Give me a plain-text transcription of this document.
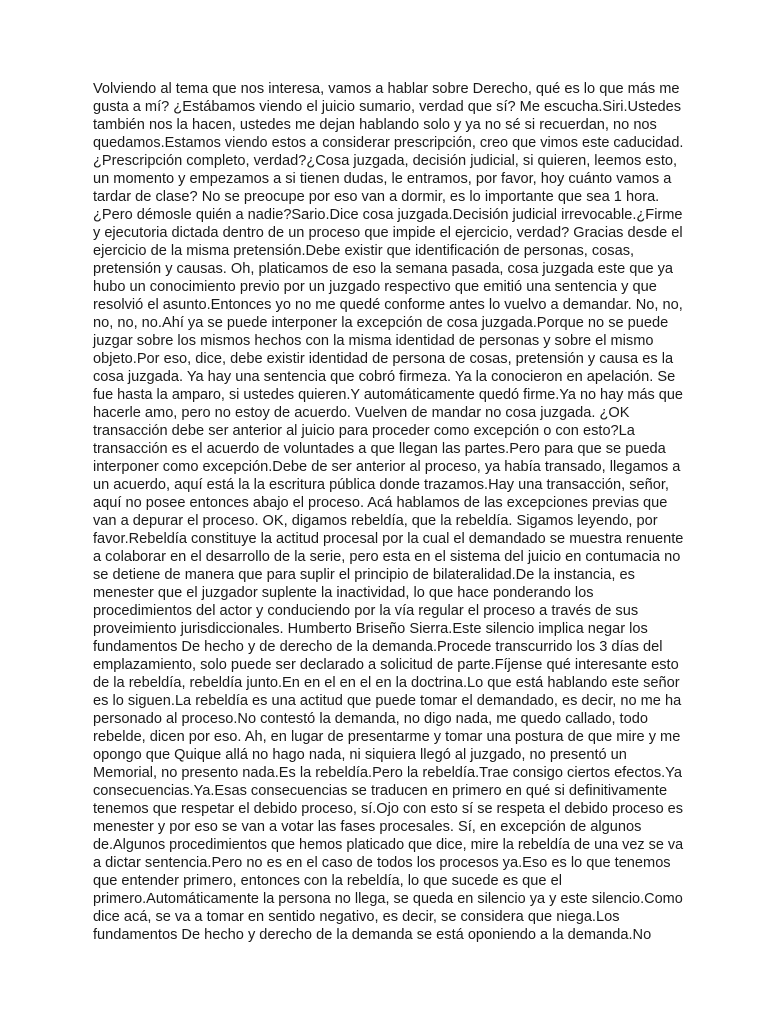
Volviendo al tema que nos interesa, vamos a hablar sobre Derecho, qué es lo que más me
gusta a mí? ¿Estábamos viendo el juicio sumario, verdad que sí? Me escucha.Siri.Ustedes
también nos la hacen, ustedes me dejan hablando solo y ya no sé si recuerdan, no nos
quedamos.Estamos viendo estos a considerar prescripción, creo que vimos este caducidad.
¿Prescripción completo, verdad?¿Cosa juzgada, decisión judicial, si quieren, leemos esto,
un momento y empezamos a si tienen dudas, le entramos, por favor, hoy cuánto vamos a
tardar de clase? No se preocupe por eso van a dormir, es lo importante que sea 1 hora.
¿Pero démosle quién a nadie?Sario.Dice cosa juzgada.Decisión judicial irrevocable.¿Firme
y ejecutoria dictada dentro de un proceso que impide el ejercicio, verdad? Gracias desde el
ejercicio de la misma pretensión.Debe existir que identificación de personas, cosas,
pretensión y causas. Oh, platicamos de eso la semana pasada, cosa juzgada este que ya
hubo un conocimiento previo por un juzgado respectivo que emitió una sentencia y que
resolvió el asunto.Entonces yo no me quedé conforme antes lo vuelvo a demandar. No, no,
no, no, no.Ahí ya se puede interponer la excepción de cosa juzgada.Porque no se puede
juzgar sobre los mismos hechos con la misma identidad de personas y sobre el mismo
objeto.Por eso, dice, debe existir identidad de persona de cosas, pretensión y causa es la
cosa juzgada. Ya hay una sentencia que cobró firmeza. Ya la conocieron en apelación. Se
fue hasta la amparo, si ustedes quieren.Y automáticamente quedó firme.Ya no hay más que
hacerle amo, pero no estoy de acuerdo. Vuelven de mandar no cosa juzgada. ¿OK
transacción debe ser anterior al juicio para proceder como excepción o con esto?La
transacción es el acuerdo de voluntades a que llegan las partes.Pero para que se pueda
interponer como excepción.Debe de ser anterior al proceso, ya había transado, llegamos a
un acuerdo, aquí está la la escritura pública donde trazamos.Hay una transacción, señor,
aquí no posee entonces abajo el proceso. Acá hablamos de las excepciones previas que
van a depurar el proceso. OK, digamos rebeldía, que la rebeldía. Sigamos leyendo, por
favor.Rebeldía constituye la actitud procesal por la cual el demandado se muestra renuente
a colaborar en el desarrollo de la serie, pero esta en el sistema del juicio en contumacia no
se detiene de manera que para suplir el principio de bilateralidad.De la instancia, es
menester que el juzgador suplente la inactividad, lo que hace ponderando los
procedimientos del actor y conduciendo por la vía regular el proceso a través de sus
proveimiento jurisdiccionales. Humberto Briseño Sierra.Este silencio implica negar los
fundamentos De hecho y de derecho de la demanda.Procede transcurrido los 3 días del
emplazamiento, solo puede ser declarado a solicitud de parte.Fíjense qué interesante esto
de la rebeldía, rebeldía junto.En en el en el en la doctrina.Lo que está hablando este señor
es lo siguen.La rebeldía es una actitud que puede tomar el demandado, es decir, no me ha
personado al proceso.No contestó la demanda, no digo nada, me quedo callado, todo
rebelde, dicen por eso. Ah, en lugar de presentarme y tomar una postura de que mire y me
opongo que Quique allá no hago nada, ni siquiera llegó al juzgado, no presentó un
Memorial, no presento nada.Es la rebeldía.Pero la rebeldía.Trae consigo ciertos efectos.Ya
consecuencias.Ya.Esas consecuencias se traducen en primero en qué si definitivamente
tenemos que respetar el debido proceso, sí.Ojo con esto sí se respeta el debido proceso es
menester y por eso se van a votar las fases procesales. Sí, en excepción de algunos
de.Algunos procedimientos que hemos platicado que dice, mire la rebeldía de una vez se va
a dictar sentencia.Pero no es en el caso de todos los procesos ya.Eso es lo que tenemos
que entender primero, entonces con la rebeldía, lo que sucede es que el
primero.Automáticamente la persona no llega, se queda en silencio ya y este silencio.Como
dice acá, se va a tomar en sentido negativo, es decir, se considera que niega.Los
fundamentos De hecho y derecho de la demanda se está oponiendo a la demanda.No
